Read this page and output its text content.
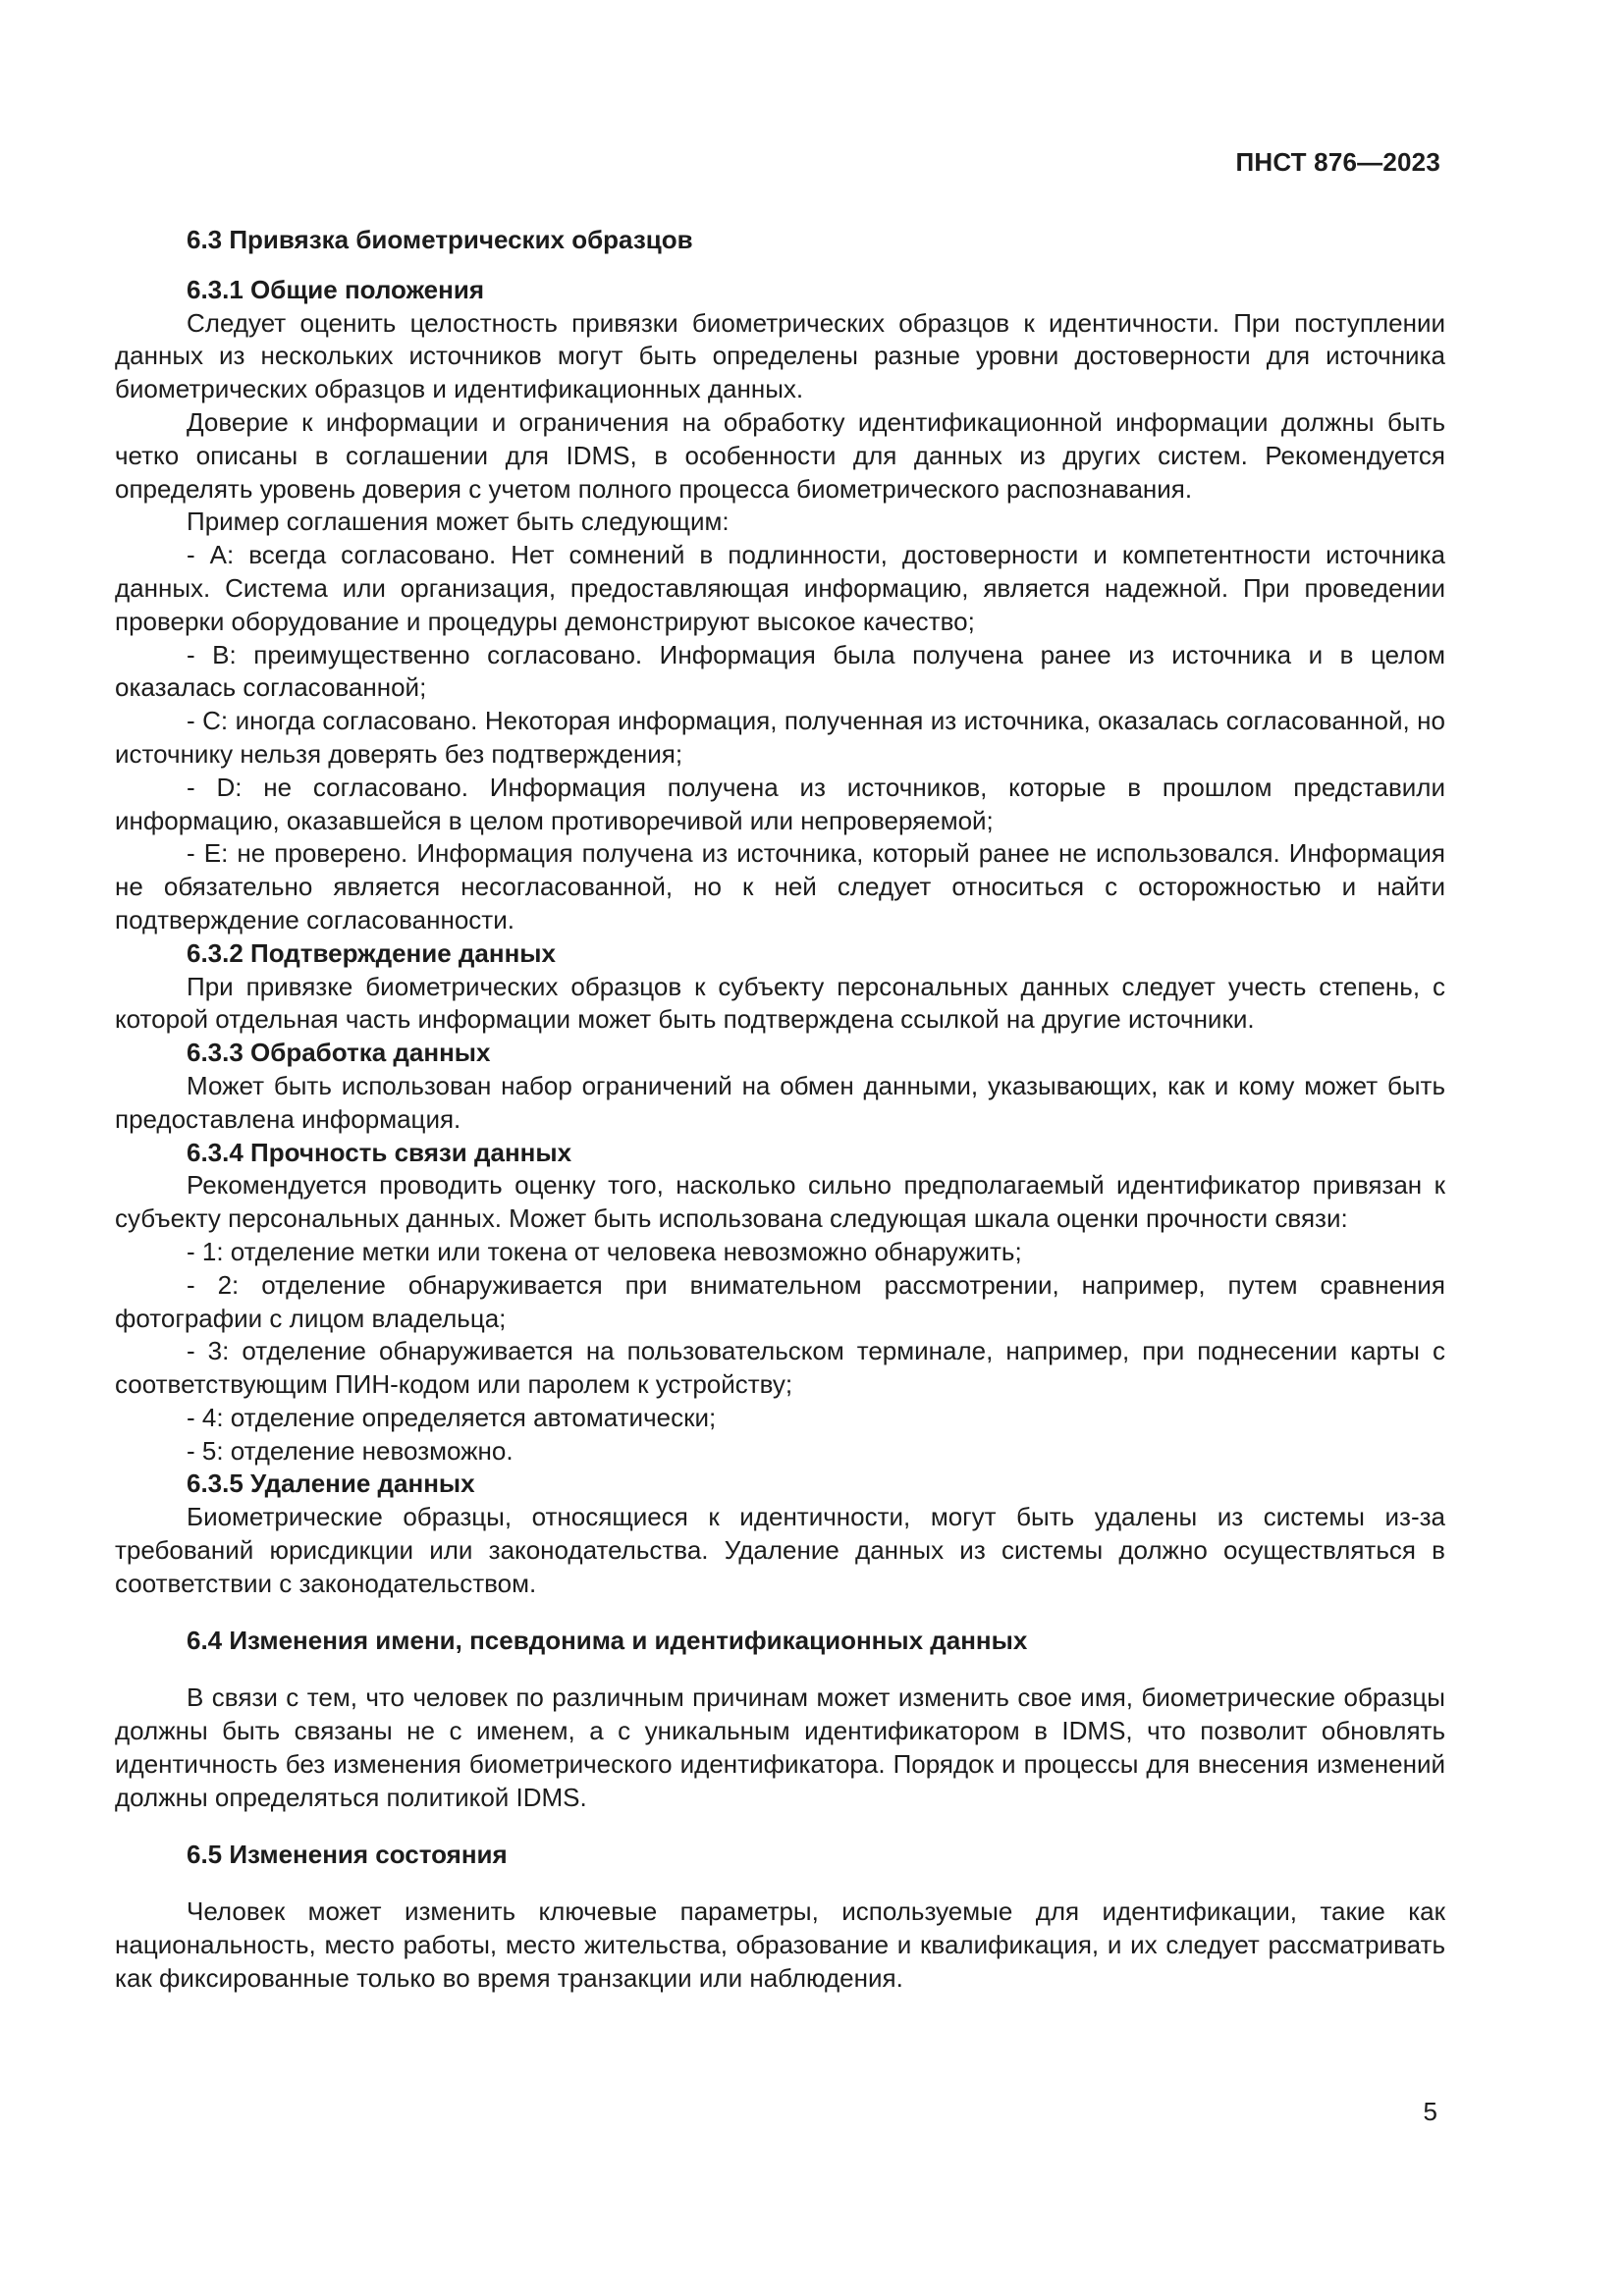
ПНСТ 876—2023
6.3 Привязка биометрических образцов
6.3.1 Общие положения

Следует оценить целостность привязки биометрических образцов к идентичности. При поступлении данных из нескольких источников могут быть определены разные уровни достоверности для источника биометрических образцов и идентификационных данных.

Доверие к информации и ограничения на обработку идентификационной информации должны быть четко описаны в соглашении для IDMS, в особенности для данных из других систем. Рекомендуется определять уровень доверия с учетом полного процесса биометрического распознавания.

Пример соглашения может быть следующим:

- А: всегда согласовано. Нет сомнений в подлинности, достоверности и компетентности источника данных. Система или организация, предоставляющая информацию, является надежной. При проведении проверки оборудование и процедуры демонстрируют высокое качество;

- В: преимущественно согласовано. Информация была получена ранее из источника и в целом оказалась согласованной;

- С: иногда согласовано. Некоторая информация, полученная из источника, оказалась согласованной, но источнику нельзя доверять без подтверждения;

- D: не согласовано. Информация получена из источников, которые в прошлом представили информацию, оказавшейся в целом противоречивой или непроверяемой;

- Е: не проверено. Информация получена из источника, который ранее не использовался. Информация не обязательно является несогласованной, но к ней следует относиться с осторожностью и найти подтверждение согласованности.

6.3.2 Подтверждение данных

При привязке биометрических образцов к субъекту персональных данных следует учесть степень, с которой отдельная часть информации может быть подтверждена ссылкой на другие источники.

6.3.3 Обработка данных

Может быть использован набор ограничений на обмен данными, указывающих, как и кому может быть предоставлена информация.

6.3.4 Прочность связи данных

Рекомендуется проводить оценку того, насколько сильно предполагаемый идентификатор привязан к субъекту персональных данных. Может быть использована следующая шкала оценки прочности связи:

- 1: отделение метки или токена от человека невозможно обнаружить;

- 2: отделение обнаруживается при внимательном рассмотрении, например, путем сравнения фотографии с лицом владельца;

- 3: отделение обнаруживается на пользовательском терминале, например, при поднесении карты с соответствующим ПИН-кодом или паролем к устройству;

- 4: отделение определяется автоматически;

- 5: отделение невозможно.

6.3.5 Удаление данных

Биометрические образцы, относящиеся к идентичности, могут быть удалены из системы из-за требований юрисдикции или законодательства. Удаление данных из системы должно осуществляться в соответствии с законодательством.

6.4 Изменения имени, псевдонима и идентификационных данных

В связи с тем, что человек по различным причинам может изменить свое имя, биометрические образцы должны быть связаны не с именем, а с уникальным идентификатором в IDMS, что позволит обновлять идентичность без изменения биометрического идентификатора. Порядок и процессы для внесения изменений должны определяться политикой IDMS.

6.5 Изменения состояния

Человек может изменить ключевые параметры, используемые для идентификации, такие как национальность, место работы, место жительства, образование и квалификация, и их следует рассматривать как фиксированные только во время транзакции или наблюдения.

5
